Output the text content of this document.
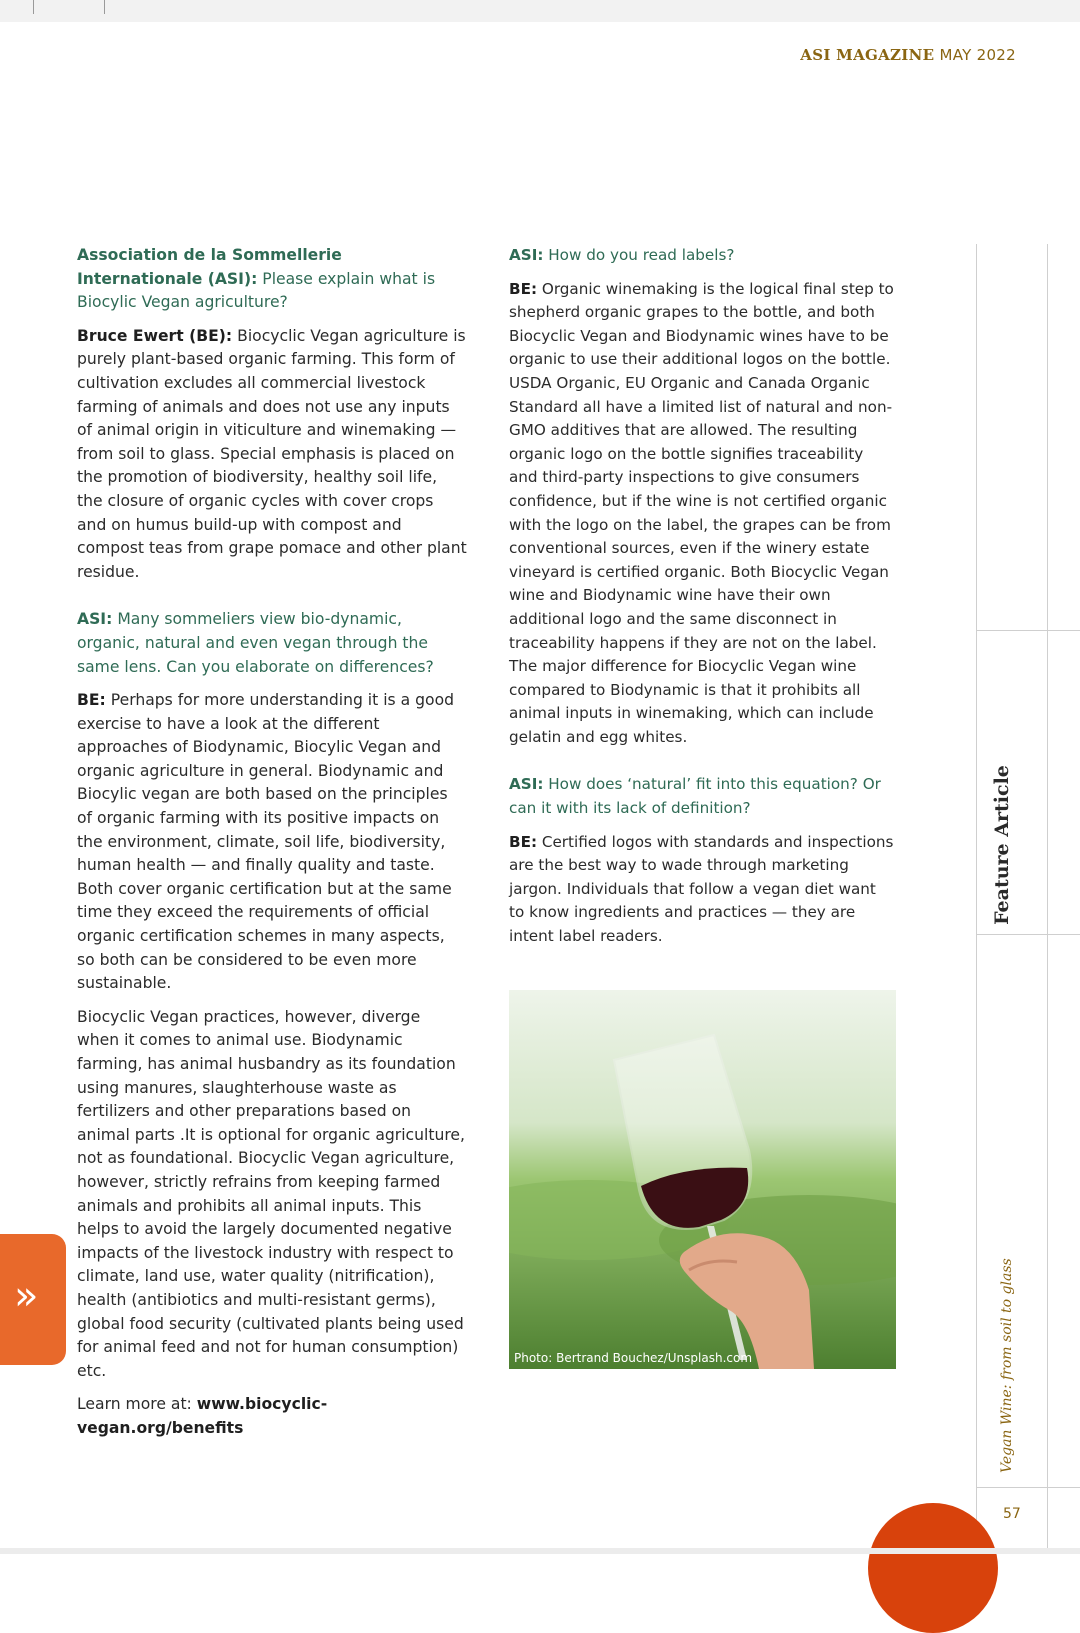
ASI MAGAZINE MAY 2022

Association de la Sommellerie Internationale (ASI): Please explain what is Biocylic Vegan agriculture?

Bruce Ewert (BE): Biocyclic Vegan agriculture is purely plant-based organic farming. This form of cultivation excludes all commercial livestock farming of animals and does not use any inputs of animal origin in viticulture and winemaking — from soil to glass. Special emphasis is placed on the promotion of biodiversity, healthy soil life, the closure of organic cycles with cover crops and on humus build-up with compost and compost teas from grape pomace and other plant residue.

ASI: Many sommeliers view bio-dynamic, organic, natural and even vegan through the same lens. Can you elaborate on differences?

BE: Perhaps for more understanding it is a good exercise to have a look at the different approaches of Biodynamic, Biocylic Vegan and organic agriculture in general. Biodynamic and Biocylic vegan are both based on the principles of organic farming with its positive impacts on the environment, climate, soil life, biodiversity, human health — and finally quality and taste. Both cover organic certification but at the same time they exceed the requirements of official organic certification schemes in many aspects, so both can be considered to be even more sustainable.

Biocyclic Vegan practices, however, diverge when it comes to animal use. Biodynamic farming, has animal husbandry as its foundation using manures, slaughterhouse waste as fertilizers and other preparations based on animal parts .It is optional for organic agriculture, not as foundational. Biocyclic Vegan agriculture, however, strictly refrains from keeping farmed animals and prohibits all animal inputs. This helps to avoid the largely documented negative impacts of the livestock industry with respect to climate, land use, water quality (nitrification), health (antibiotics and multi-resistant germs), global food security (cultivated plants being used for animal feed and not for human consumption) etc.

Learn more at: www.biocyclic-vegan.org/benefits

ASI: How do you read labels?

BE: Organic winemaking is the logical final step to shepherd organic grapes to the bottle, and both Biocyclic Vegan and Biodynamic wines have to be organic to use their additional logos on the bottle. USDA Organic, EU Organic and Canada Organic Standard all have a limited list of natural and non-GMO additives that are allowed. The resulting organic logo on the bottle signifies traceability and third-party inspections to give consumers confidence, but if the wine is not certified organic with the logo on the label, the grapes can be from conventional sources, even if the winery estate vineyard is certified organic. Both Biocyclic Vegan wine and Biodynamic wine have their own additional logo and the same disconnect in traceability happens if they are not on the label. The major difference for Biocyclic Vegan wine compared to Biodynamic is that it prohibits all animal inputs in winemaking, which can include gelatin and egg whites.

ASI: How does ‘natural’ fit into this equation? Or can it with its lack of definition?

BE: Certified logos with standards and inspections are the best way to wade through marketing jargon. Individuals that follow a vegan diet want to know ingredients and practices — they are intent label readers.

Photo: Bertrand Bouchez/Unsplash.com
Feature Article
Vegan Wine: from soil to glass
57
»
